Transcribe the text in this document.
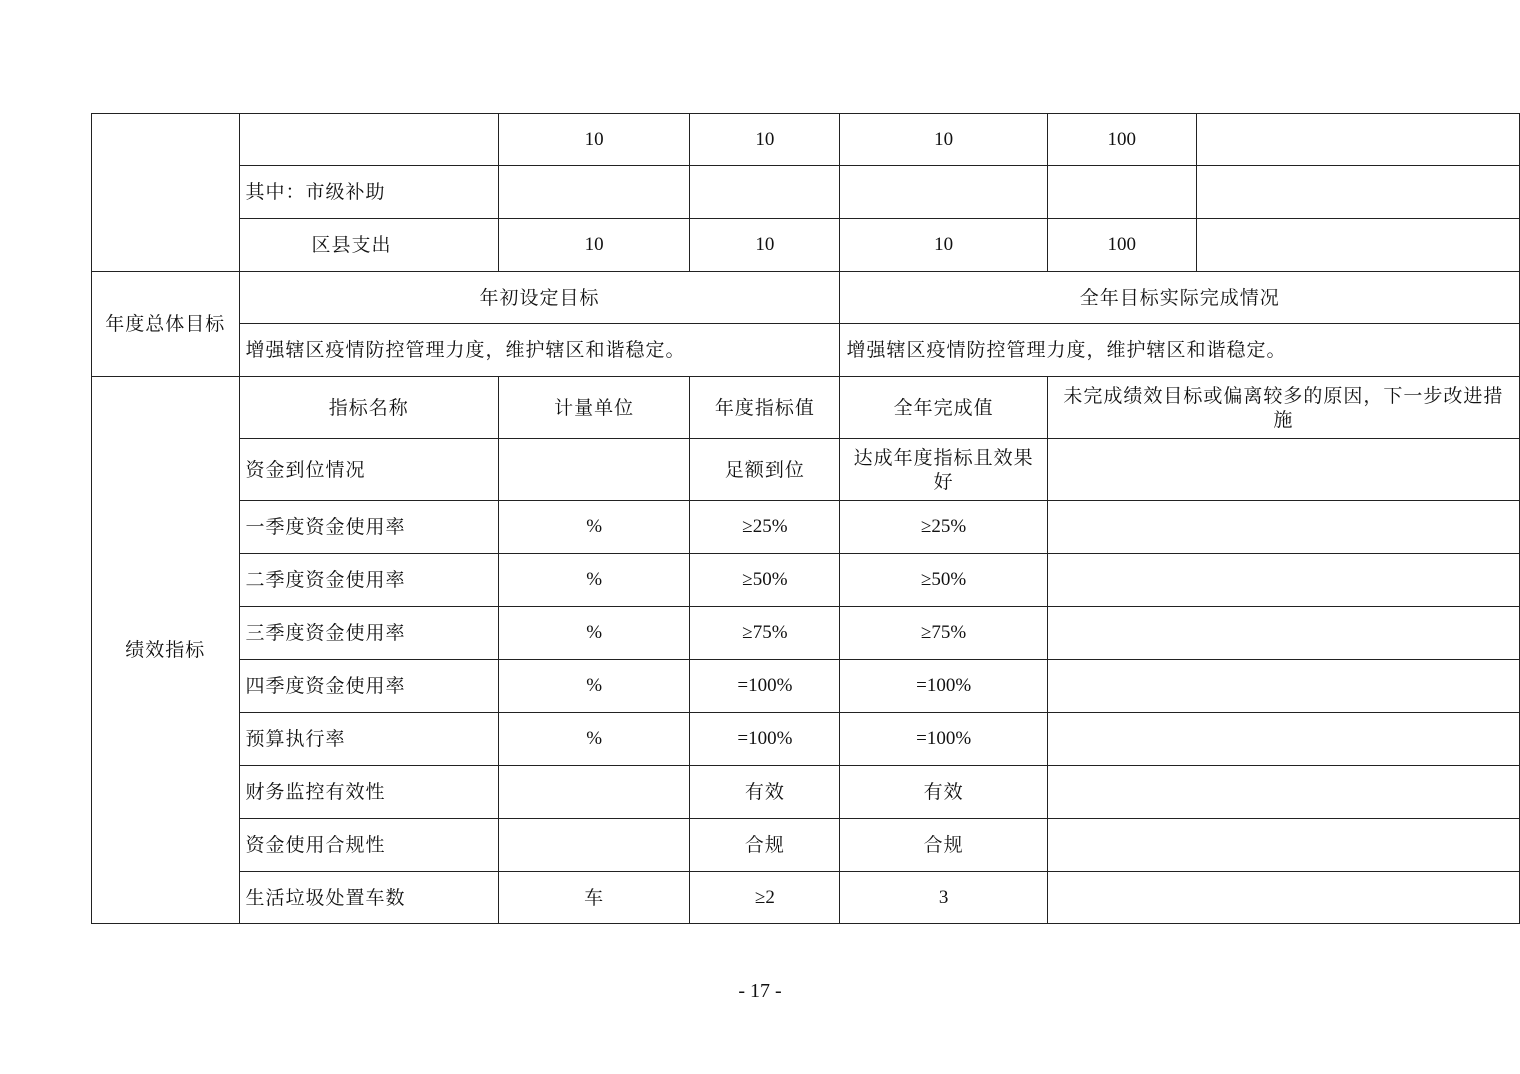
		10	10	10	100	
	其中：市级补助					
	区县支出	10	10	10	100	
年度总体目标	年初设定目标			全年目标实际完成情况		
	增强辖区疫情防控管理力度，维护辖区和谐稳定。			增强辖区疫情防控管理力度，维护辖区和谐稳定。		
绩效指标	指标名称	计量单位	年度指标值	全年完成值	未完成绩效目标或偏离较多的原因，下一步改进措施	
	资金到位情况		足额到位	达成年度指标且效果好		
	一季度资金使用率	%	≥25%	≥25%		
	二季度资金使用率	%	≥50%	≥50%		
	三季度资金使用率	%	≥75%	≥75%		
	四季度资金使用率	%	=100%	=100%		
	预算执行率	%	=100%	=100%		
	财务监控有效性		有效	有效		
	资金使用合规性		合规	合规		
	生活垃圾处置车数	车	≥2	3		
- 17 -
